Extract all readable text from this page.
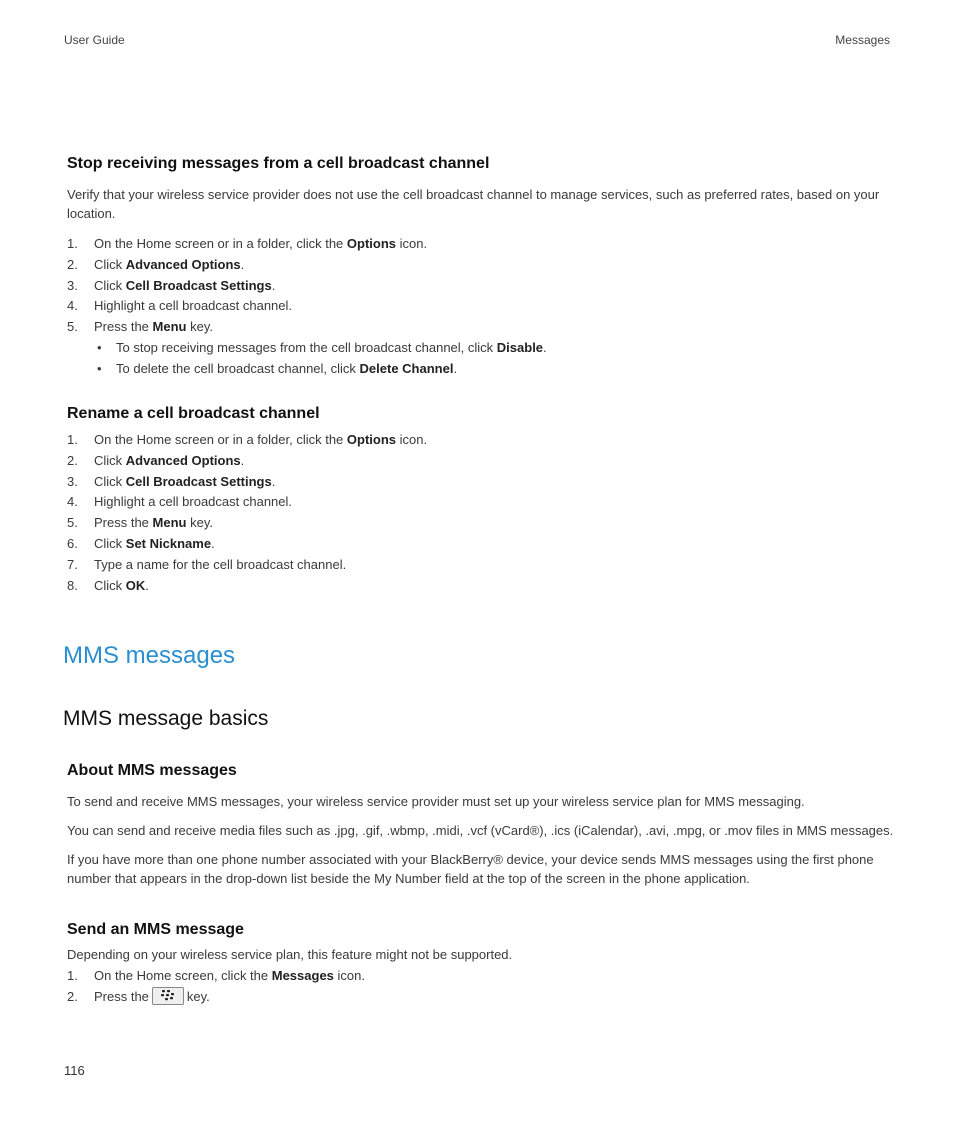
User Guide	Messages
Stop receiving messages from a cell broadcast channel

Verify that your wireless service provider does not use the cell broadcast channel to manage services, such as preferred rates, based on your location.

1. On the Home screen or in a folder, click the Options icon.
2. Click Advanced Options.
3. Click Cell Broadcast Settings.
4. Highlight a cell broadcast channel.
5. Press the Menu key.
• To stop receiving messages from the cell broadcast channel, click Disable.
• To delete the cell broadcast channel, click Delete Channel.
Rename a cell broadcast channel
1. On the Home screen or in a folder, click the Options icon.
2. Click Advanced Options.
3. Click Cell Broadcast Settings.
4. Highlight a cell broadcast channel.
5. Press the Menu key.
6. Click Set Nickname.
7. Type a name for the cell broadcast channel.
8. Click OK.
MMS messages
MMS message basics
About MMS messages

To send and receive MMS messages, your wireless service provider must set up your wireless service plan for MMS messaging.

You can send and receive media files such as .jpg, .gif, .wbmp, .midi, .vcf (vCard®), .ics (iCalendar), .avi, .mpg, or .mov files in MMS messages.

If you have more than one phone number associated with your BlackBerry® device, your device sends MMS messages using the first phone number that appears in the drop-down list beside the My Number field at the top of the screen in the phone application.

Send an MMS message

Depending on your wireless service plan, this feature might not be supported.

1. On the Home screen, click the Messages icon.
2. Press the	key.
116
